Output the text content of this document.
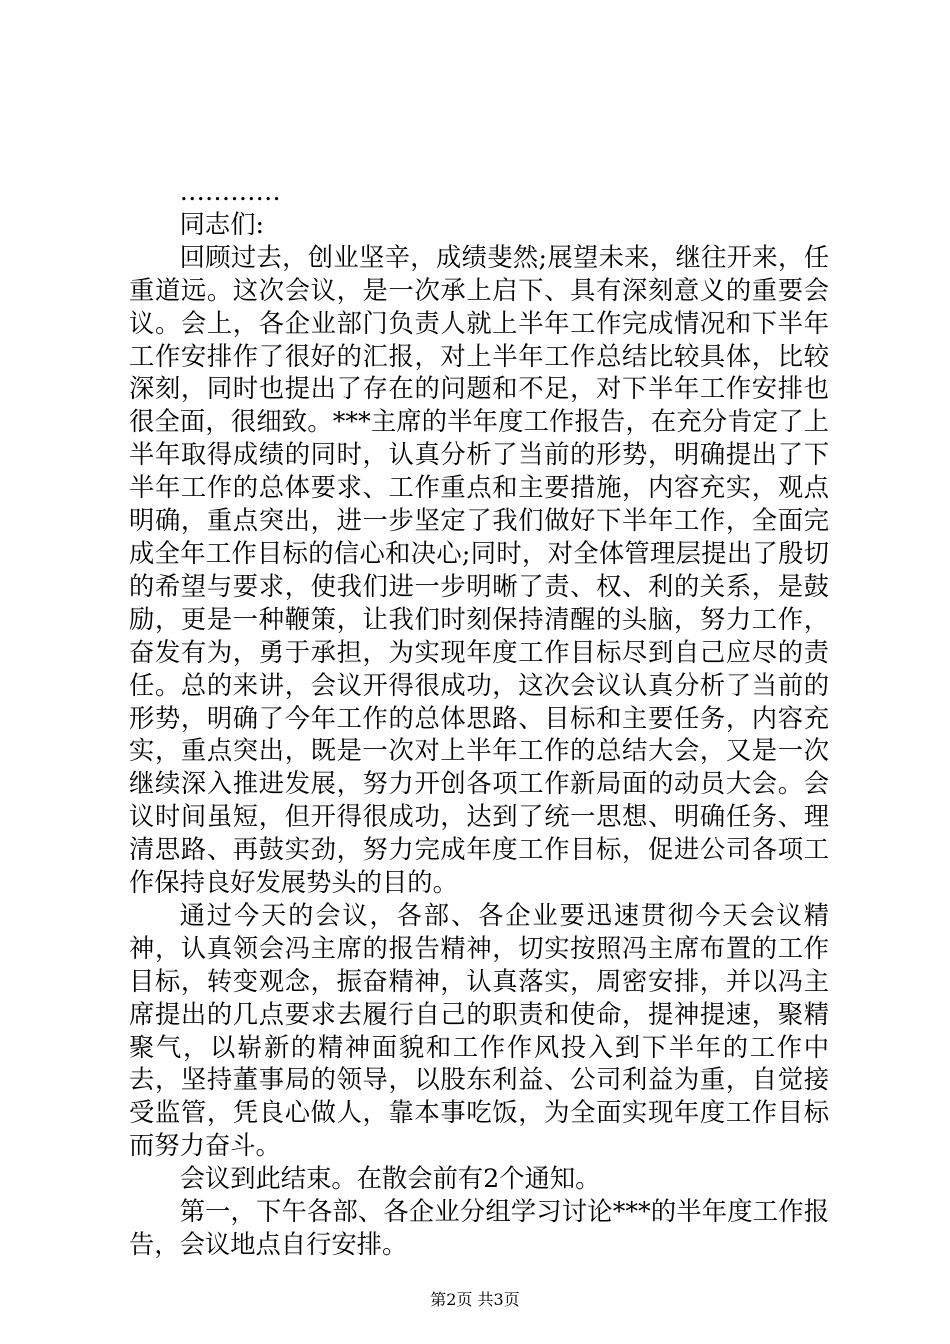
…………

同志们:

回顾过去，创业坚辛，成绩斐然;展望未来，继往开来，任重道远。这次会议，是一次承上启下、具有深刻意义的重要会议。会上，各企业部门负责人就上半年工作完成情况和下半年工作安排作了很好的汇报，对上半年工作总结比较具体，比较深刻，同时也提出了存在的问题和不足，对下半年工作安排也很全面，很细致。***主席的半年度工作报告，在充分肯定了上半年取得成绩的同时，认真分析了当前的形势，明确提出了下半年工作的总体要求、工作重点和主要措施，内容充实，观点明确，重点突出，进一步坚定了我们做好下半年工作，全面完成全年工作目标的信心和决心;同时，对全体管理层提出了殷切的希望与要求，使我们进一步明晰了责、权、利的关系，是鼓励，更是一种鞭策，让我们时刻保持清醒的头脑，努力工作，奋发有为，勇于承担，为实现年度工作目标尽到自己应尽的责任。总的来讲，会议开得很成功，这次会议认真分析了当前的形势，明确了今年工作的总体思路、目标和主要任务，内容充实，重点突出，既是一次对上半年工作的总结大会，又是一次继续深入推进发展，努力开创各项工作新局面的动员大会。会议时间虽短，但开得很成功，达到了统一思想、明确任务、理清思路、再鼓实劲，努力完成年度工作目标，促进公司各项工作保持良好发展势头的目的。

通过今天的会议，各部、各企业要迅速贯彻今天会议精神，认真领会冯主席的报告精神，切实按照冯主席布置的工作目标，转变观念，振奋精神，认真落实，周密安排，并以冯主席提出的几点要求去履行自己的职责和使命，提神提速，聚精聚气，以崭新的精神面貌和工作作风投入到下半年的工作中去，坚持董事局的领导，以股东利益、公司利益为重，自觉接受监管，凭良心做人，靠本事吃饭，为全面实现年度工作目标而努力奋斗。

会议到此结束。在散会前有2个通知。

第一，下午各部、各企业分组学习讨论***的半年度工作报告，会议地点自行安排。

第2页 共3页
